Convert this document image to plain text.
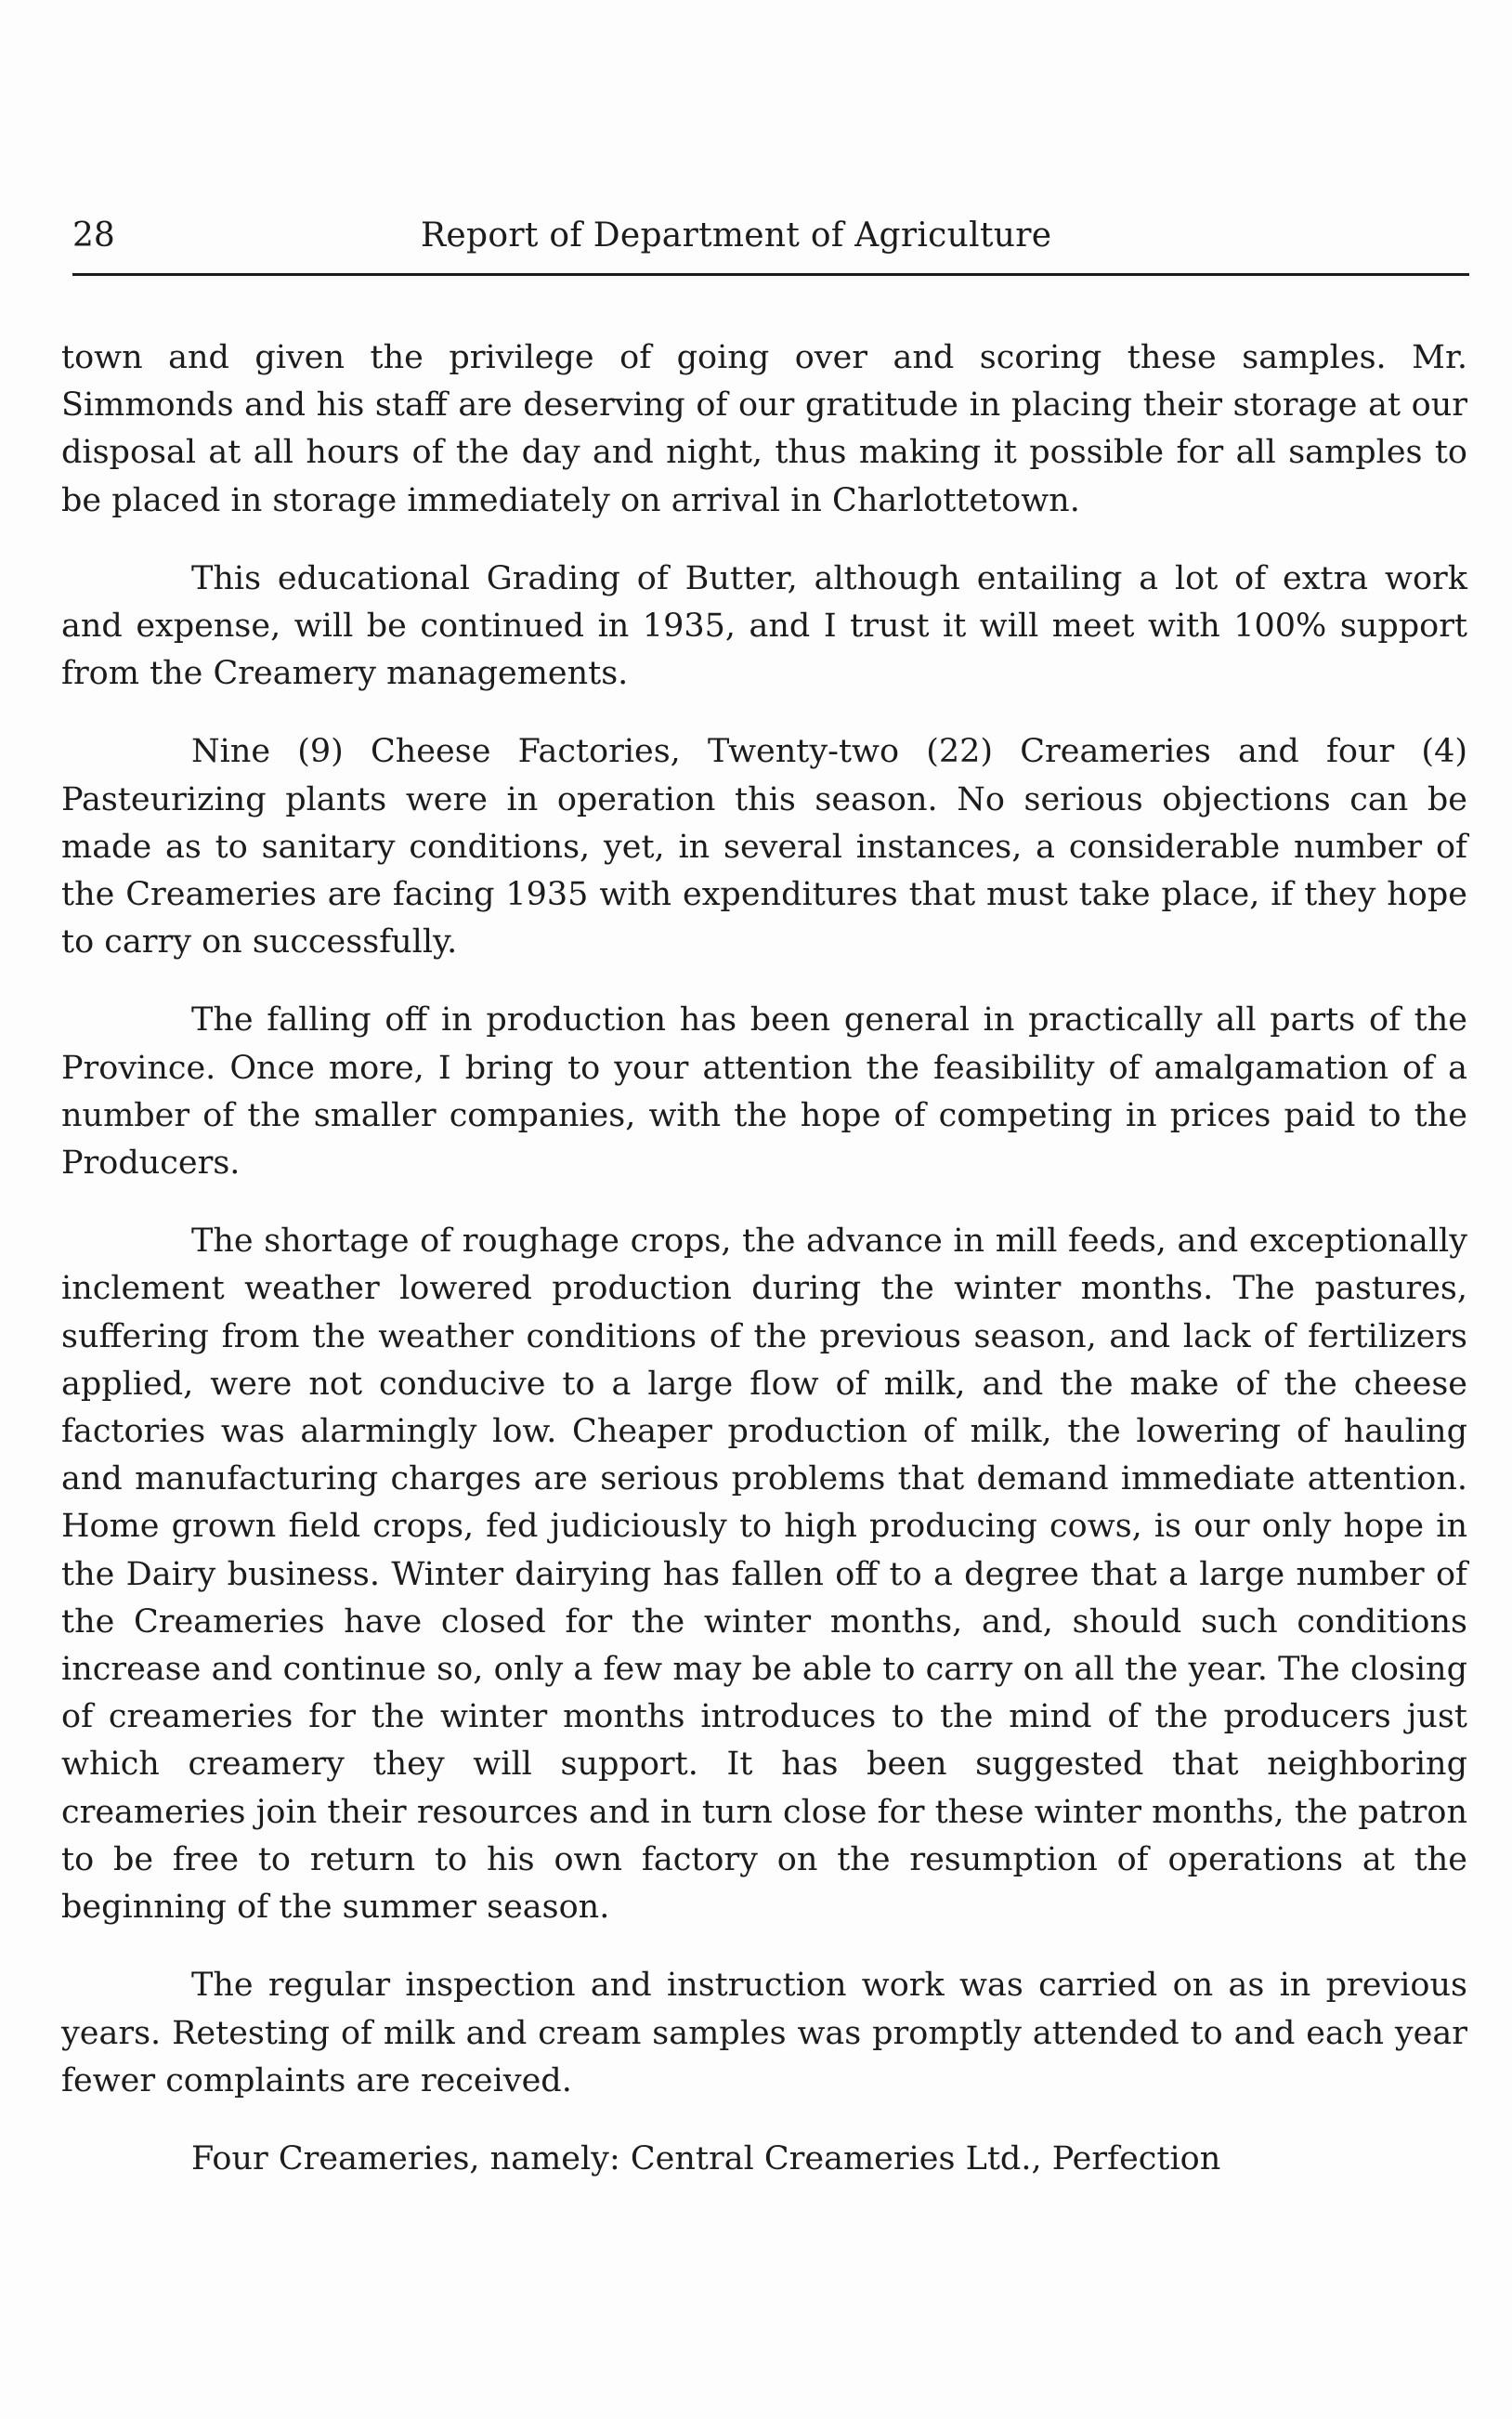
28	Report of Department of Agriculture

town and given the privilege of going over and scoring these samples. Mr. Simmonds and his staff are deserving of our gratitude in placing their storage at our disposal at all hours of the day and night, thus making it possible for all samples to be placed in storage immediately on arrival in Charlottetown.

This educational Grading of Butter, although entailing a lot of extra work and expense, will be continued in 1935, and I trust it will meet with 100% support from the Creamery managements.

Nine (9) Cheese Factories, Twenty-two (22) Creameries and four (4) Pasteurizing plants were in operation this season. No serious objections can be made as to sanitary conditions, yet, in several instances, a considerable number of the Creameries are facing 1935 with expenditures that must take place, if they hope to carry on successfully.

The falling off in production has been general in practically all parts of the Province. Once more, I bring to your attention the feasibility of amalgamation of a number of the smaller companies, with the hope of competing in prices paid to the Producers.

The shortage of roughage crops, the advance in mill feeds, and exceptionally inclement weather lowered production during the winter months. The pastures, suffering from the weather conditions of the previous season, and lack of fertilizers applied, were not conducive to a large flow of milk, and the make of the cheese factories was alarmingly low. Cheaper production of milk, the lowering of hauling and manufacturing charges are serious problems that demand immediate attention. Home grown field crops, fed judiciously to high producing cows, is our only hope in the Dairy business. Winter dairying has fallen off to a degree that a large number of the Creameries have closed for the winter months, and, should such conditions increase and continue so, only a few may be able to carry on all the year. The closing of creameries for the winter months introduces to the mind of the producers just which creamery they will support. It has been suggested that neighboring creameries join their resources and in turn close for these winter months, the patron to be free to return to his own factory on the resumption of operations at the beginning of the summer season.

The regular inspection and instruction work was carried on as in previous years. Retesting of milk and cream samples was promptly attended to and each year fewer complaints are received.

Four Creameries, namely: Central Creameries Ltd., Perfection
